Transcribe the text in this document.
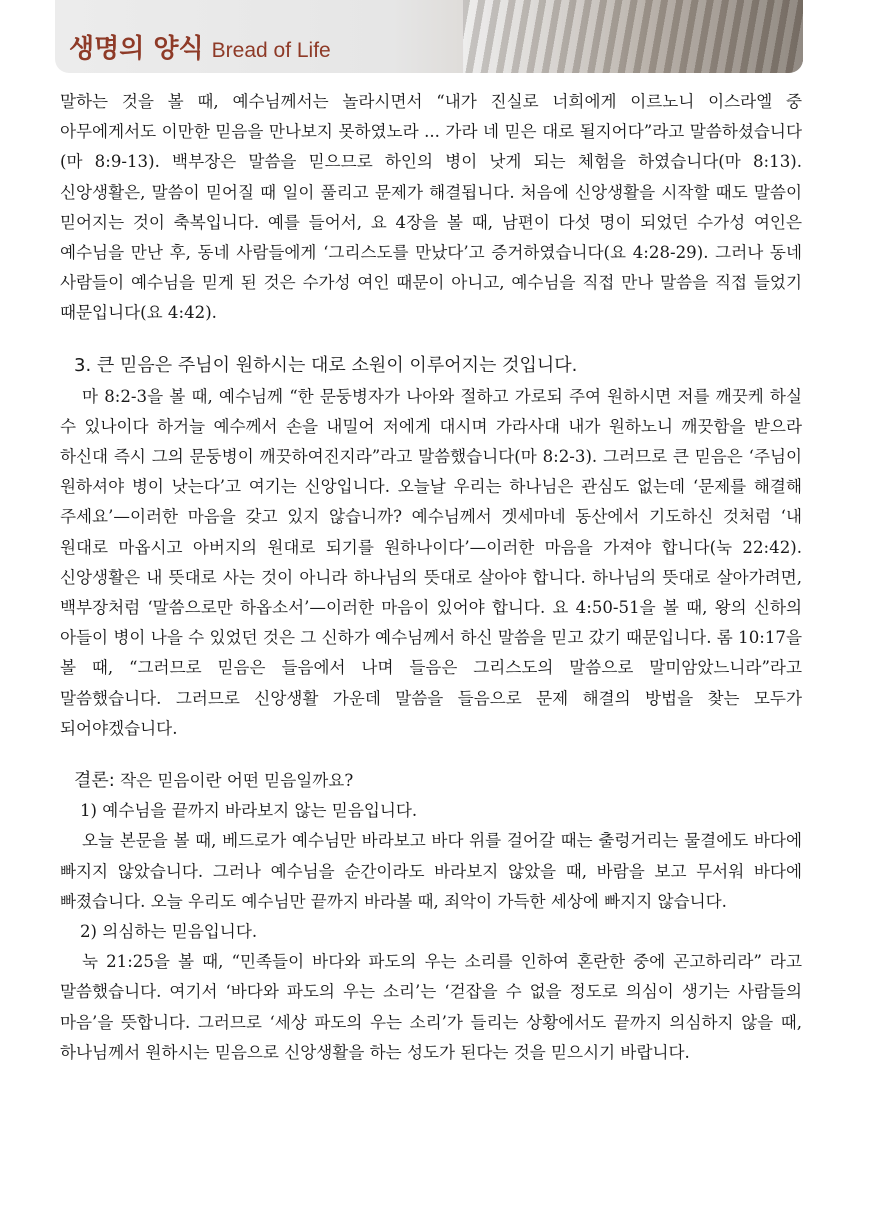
생명의 양식 Bread of Life

말하는 것을 볼 때, 예수님께서는 놀라시면서 “내가 진실로 너희에게 이르노니 이스라엘 중 아무에게서도 이만한 믿음을 만나보지 못하였노라 ... 가라 네 믿은 대로 될지어다”라고 말씀하셨습니다(마 8:9-13). 백부장은 말씀을 믿으므로 하인의 병이 낫게 되는 체험을 하였습니다(마 8:13). 신앙생활은, 말씀이 믿어질 때 일이 풀리고 문제가 해결됩니다. 처음에 신앙생활을 시작할 때도 말씀이 믿어지는 것이 축복입니다. 예를 들어서, 요 4장을 볼 때, 남편이 다섯 명이 되었던 수가성 여인은 예수님을 만난 후, 동네 사람들에게 ‘그리스도를 만났다’고 증거하였습니다(요 4:28-29). 그러나 동네 사람들이 예수님을 믿게 된 것은 수가성 여인 때문이 아니고, 예수님을 직접 만나 말씀을 직접 들었기 때문입니다(요 4:42).

3. 큰 믿음은 주님이 원하시는 대로 소원이 이루어지는 것입니다.

마 8:2-3을 볼 때, 예수님께 “한 문둥병자가 나아와 절하고 가로되 주여 원하시면 저를 깨끗케 하실 수 있나이다 하거늘 예수께서 손을 내밀어 저에게 대시며 가라사대 내가 원하노니 깨끗함을 받으라 하신대 즉시 그의 문둥병이 깨끗하여진지라”라고 말씀했습니다(마 8:2-3). 그러므로 큰 믿음은 ‘주님이 원하셔야 병이 낫는다’고 여기는 신앙입니다. 오늘날 우리는 하나님은 관심도 없는데 ‘문제를 해결해 주세요’—이러한 마음을 갖고 있지 않습니까? 예수님께서 겟세마네 동산에서 기도하신 것처럼 ‘내 원대로 마옵시고 아버지의 원대로 되기를 원하나이다’—이러한 마음을 가져야 합니다(눅 22:42). 신앙생활은 내 뜻대로 사는 것이 아니라 하나님의 뜻대로 살아야 합니다. 하나님의 뜻대로 살아가려면, 백부장처럼 ‘말씀으로만 하옵소서’—이러한 마음이 있어야 합니다. 요 4:50-51을 볼 때, 왕의 신하의 아들이 병이 나을 수 있었던 것은 그 신하가 예수님께서 하신 말씀을 믿고 갔기 때문입니다. 롬 10:17을 볼 때, “그러므로 믿음은 들음에서 나며 들음은 그리스도의 말씀으로 말미암았느니라”라고 말씀했습니다. 그러므로 신앙생활 가운데 말씀을 들음으로 문제 해결의 방법을 찾는 모두가 되어야겠습니다.

결론: 작은 믿음이란 어떤 믿음일까요?

1) 예수님을 끝까지 바라보지 않는 믿음입니다.

오늘 본문을 볼 때, 베드로가 예수님만 바라보고 바다 위를 걸어갈 때는 출렁거리는 물결에도 바다에 빠지지 않았습니다. 그러나 예수님을 순간이라도 바라보지 않았을 때, 바람을 보고 무서워 바다에 빠졌습니다. 오늘 우리도 예수님만 끝까지 바라볼 때, 죄악이 가득한 세상에 빠지지 않습니다.

2) 의심하는 믿음입니다.

눅 21:25을 볼 때, “민족들이 바다와 파도의 우는 소리를 인하여 혼란한 중에 곤고하리라” 라고 말씀했습니다. 여기서 ‘바다와 파도의 우는 소리’는 ‘걷잡을 수 없을 정도로 의심이 생기는 사람들의 마음’을 뜻합니다. 그러므로 ‘세상 파도의 우는 소리’가 들리는 상황에서도 끝까지 의심하지 않을 때, 하나님께서 원하시는 믿음으로 신앙생활을 하는 성도가 된다는 것을 믿으시기 바랍니다.
